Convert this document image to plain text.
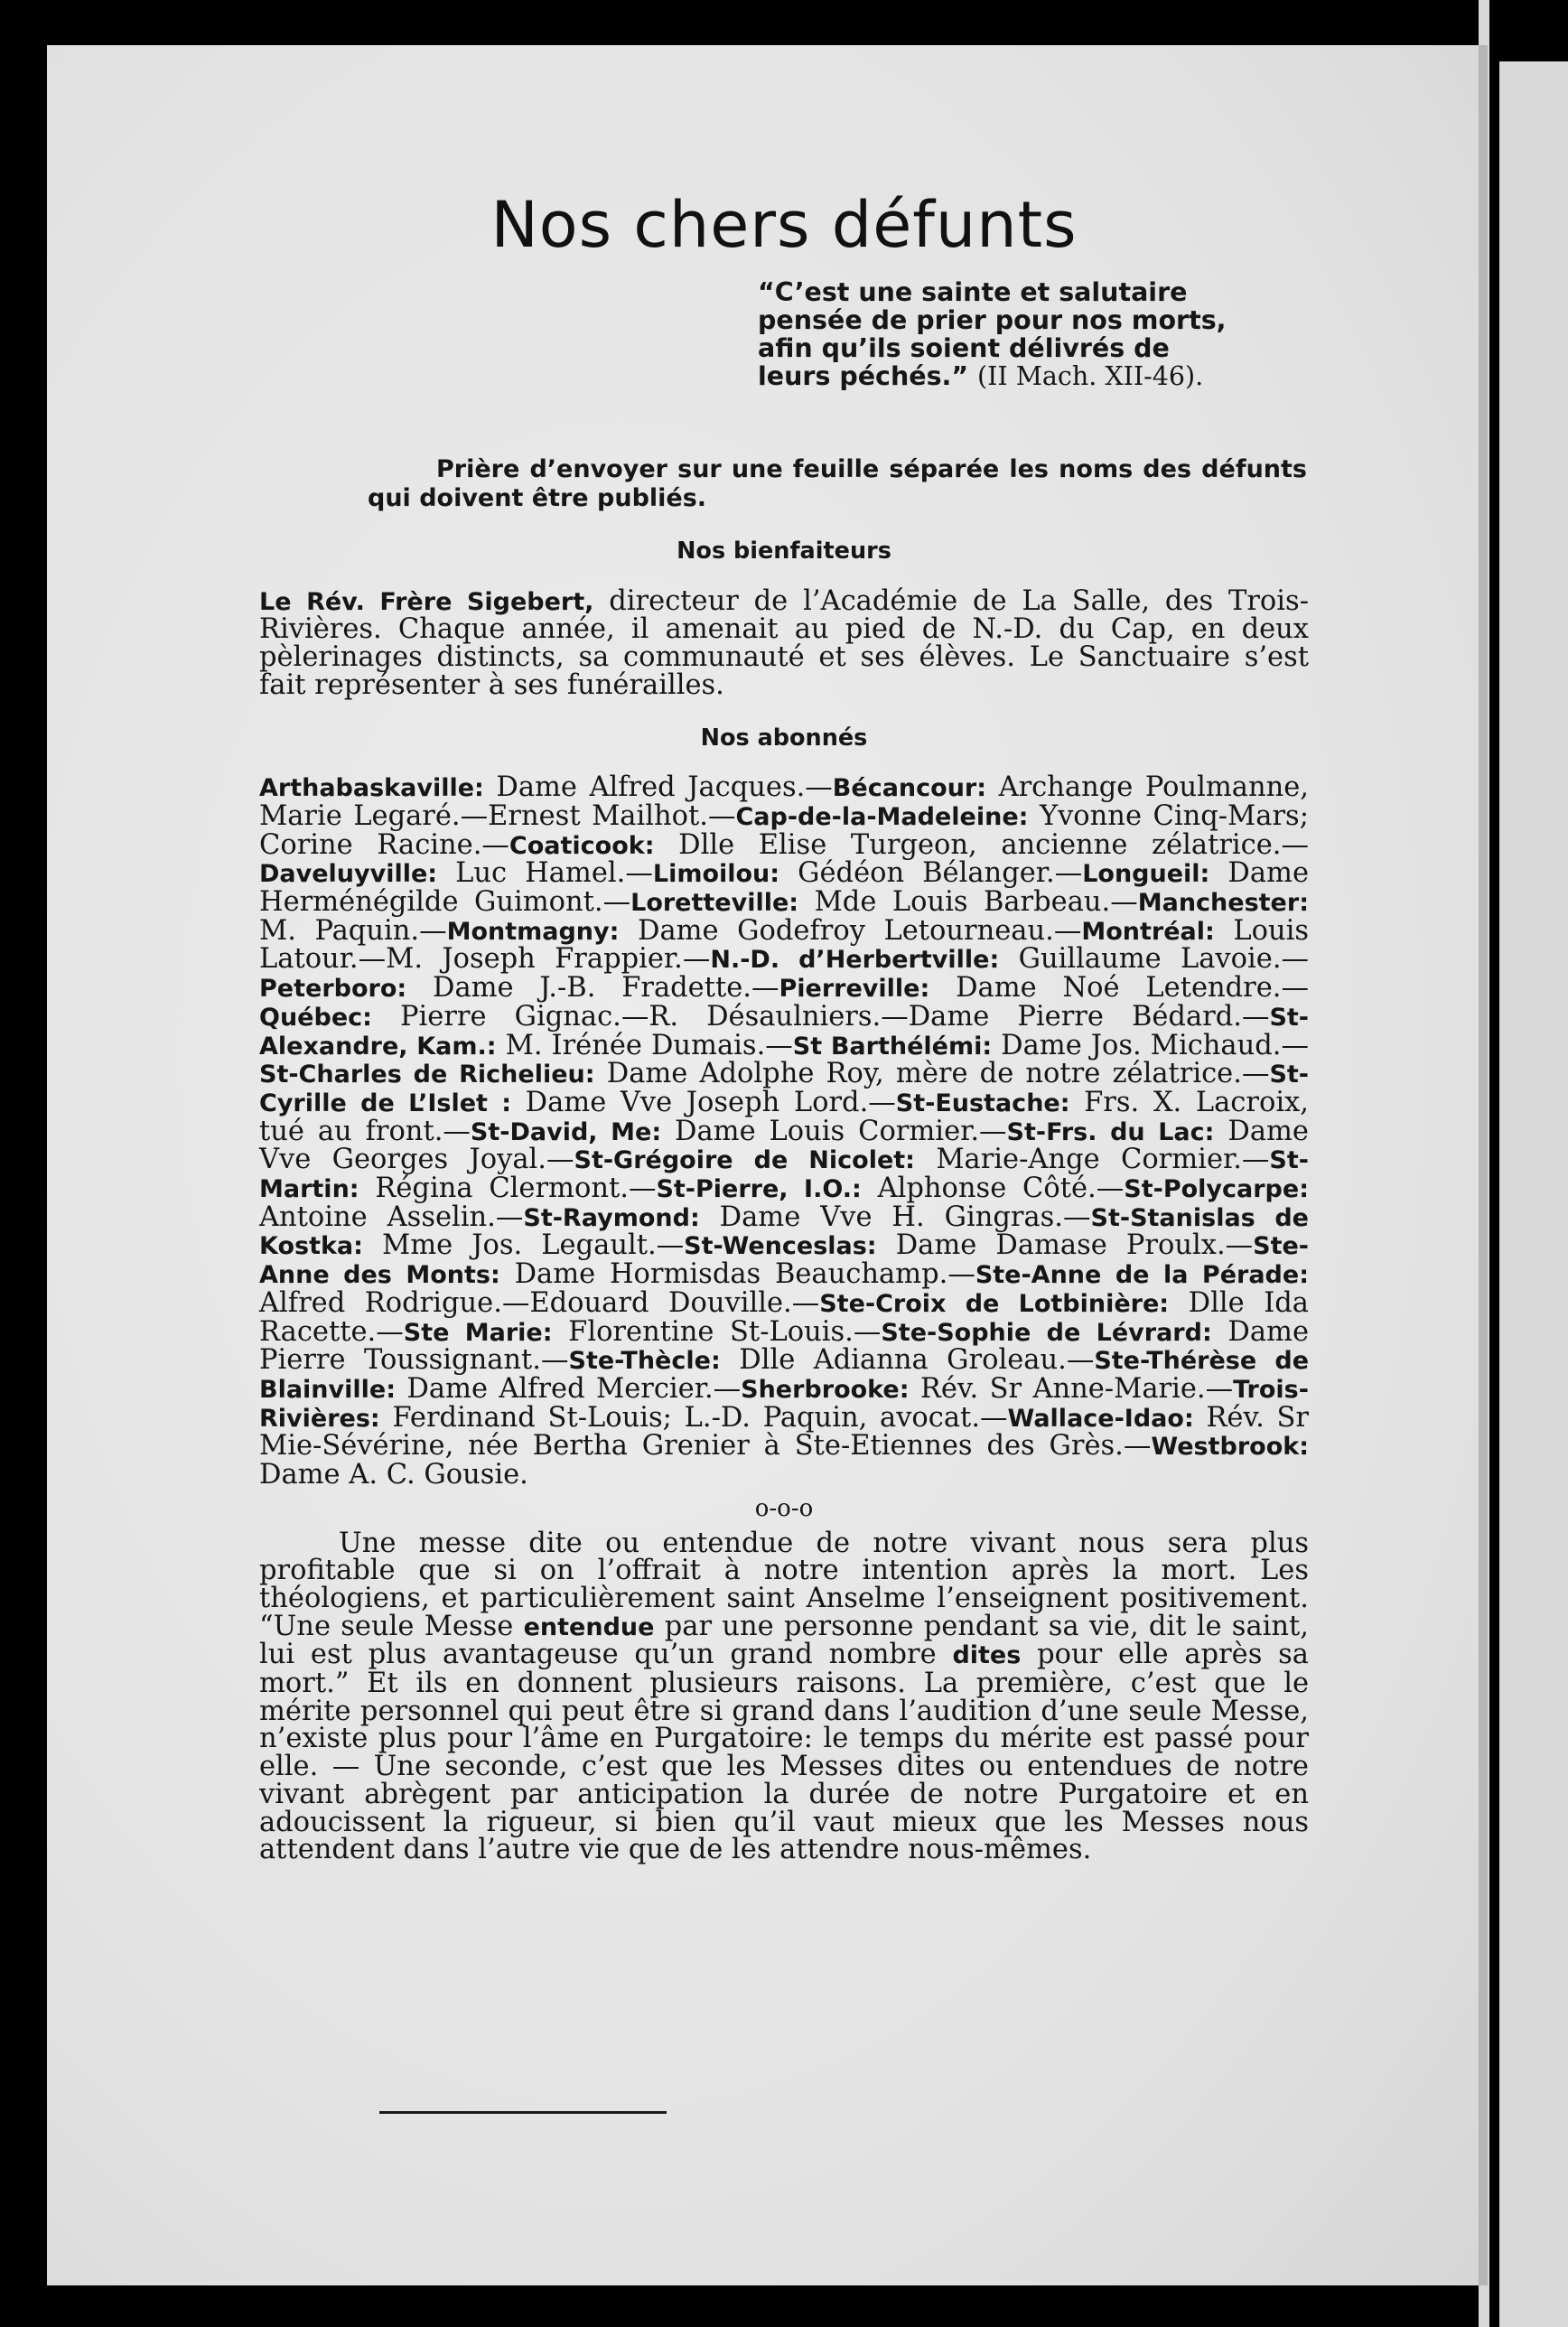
Nos chers défunts
“C’est une sainte et salutaire pensée de prier pour nos morts, afin qu’ils soient délivrés de leurs péchés.” (II Mach. XII-46).
Prière d’envoyer sur une feuille séparée les noms des défunts qui doivent être publiés.
Nos bienfaiteurs

Le Rév. Frère Sigebert, directeur de l’Académie de La Salle, des Trois-Rivières. Chaque année, il amenait au pied de N.-D. du Cap, en deux pèlerinages distincts, sa communauté et ses élèves. Le Sanctuaire s’est fait représenter à ses funérailles.

Nos abonnés

Arthabaskaville: Dame Alfred Jacques.—Bécancour: Archange Poulmanne, Marie Legaré.—Ernest Mailhot.—Cap-de-la-Madeleine: Yvonne Cinq-Mars; Corine Racine.—Coaticook: Dlle Elise Turgeon, ancienne zélatrice.—Daveluyville: Luc Hamel.—Limoilou: Gédéon Bélanger.—Longueil: Dame Herménégilde Guimont.—Loretteville: Mde Louis Barbeau.—Manchester: M. Paquin.—Montmagny: Dame Godefroy Letourneau.—Montréal: Louis Latour.—M. Joseph Frappier.—N.-D. d’Herbertville: Guillaume Lavoie.—Peterboro: Dame J.-B. Fradette.—Pierreville: Dame Noé Letendre.—Québec: Pierre Gignac.—R. Désaulniers.—Dame Pierre Bédard.—St-Alexandre, Kam.: M. Irénée Dumais.—St Barthélémi: Dame Jos. Michaud.—St-Charles de Richelieu: Dame Adolphe Roy, mère de notre zélatrice.—St-Cyrille de L’Islet : Dame Vve Joseph Lord.—St-Eustache: Frs. X. Lacroix, tué au front.—St-David, Me: Dame Louis Cormier.—St-Frs. du Lac: Dame Vve Georges Joyal.—St-Grégoire de Nicolet: Marie-Ange Cormier.—St-Martin: Régina Clermont.—St-Pierre, I.O.: Alphonse Côté.—St-Polycarpe: Antoine Asselin.—St-Raymond: Dame Vve H. Gingras.—St-Stanislas de Kostka: Mme Jos. Legault.—St-Wenceslas: Dame Damase Proulx.—Ste-Anne des Monts: Dame Hormisdas Beauchamp.—Ste-Anne de la Pérade: Alfred Rodrigue.—Edouard Douville.—Ste-Croix de Lotbinière: Dlle Ida Racette.—Ste Marie: Florentine St-Louis.—Ste-Sophie de Lévrard: Dame Pierre Toussignant.—Ste-Thècle: Dlle Adianna Groleau.—Ste-Thérèse de Blainville: Dame Alfred Mercier.—Sherbrooke: Rév. Sr Anne-Marie.—Trois-Rivières: Ferdinand St-Louis; L.-D. Paquin, avocat.—Wallace-Idao: Rév. Sr Mie-Sévérine, née Bertha Grenier à Ste-Etiennes des Grès.—Westbrook: Dame A. C. Gousie.

o-o-o

Une messe dite ou entendue de notre vivant nous sera plus profitable que si on l’offrait à notre intention après la mort. Les théologiens, et particulièrement saint Anselme l’enseignent positivement. “Une seule Messe entendue par une personne pendant sa vie, dit le saint, lui est plus avantageuse qu’un grand nombre dites pour elle après sa mort.” Et ils en donnent plusieurs raisons. La première, c’est que le mérite personnel qui peut être si grand dans l’audition d’une seule Messe, n’existe plus pour l’âme en Purgatoire: le temps du mérite est passé pour elle. — Une seconde, c’est que les Messes dites ou entendues de notre vivant abrègent par anticipation la durée de notre Purgatoire et en adoucissent la rigueur, si bien qu’il vaut mieux que les Messes nous attendent dans l’autre vie que de les attendre nous-mêmes.
